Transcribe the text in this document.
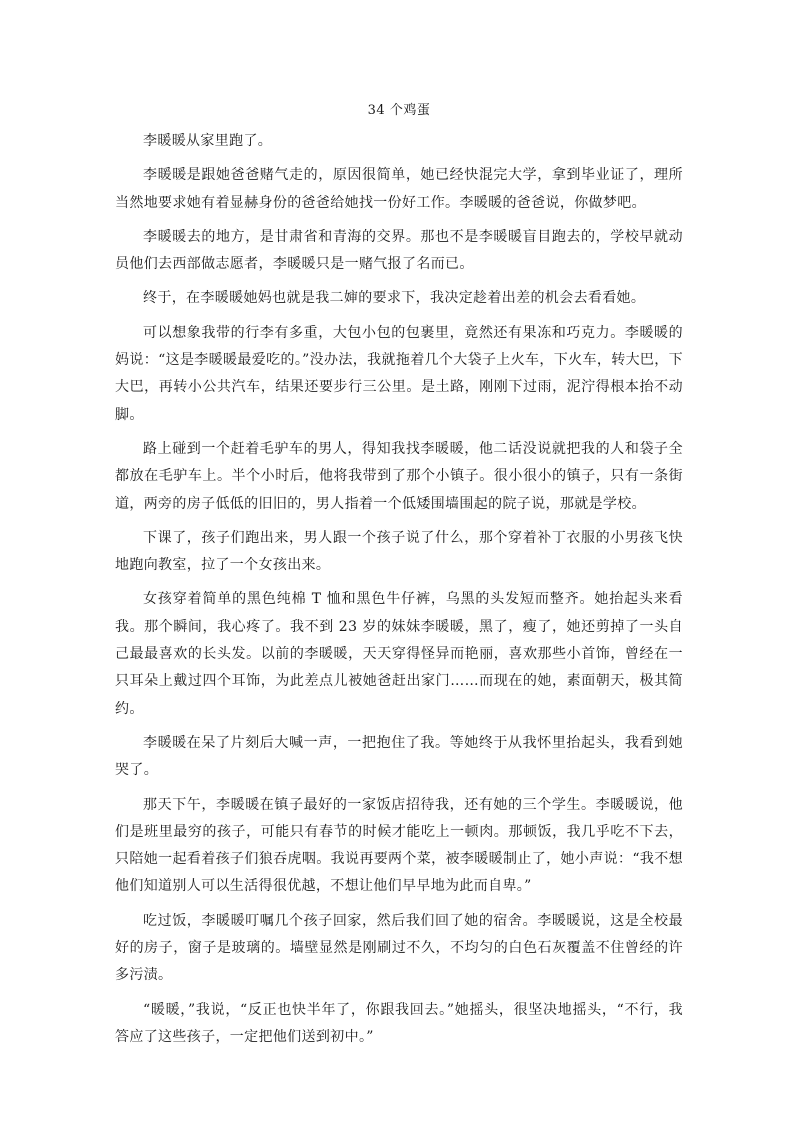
34 个鸡蛋

李暖暖从家里跑了。

李暖暖是跟她爸爸赌气走的，原因很简单，她已经快混完大学，拿到毕业证了，理所当然地要求她有着显赫身份的爸爸给她找一份好工作。李暖暖的爸爸说，你做梦吧。

李暖暖去的地方，是甘肃省和青海的交界。那也不是李暖暖盲目跑去的，学校早就动员他们去西部做志愿者，李暖暖只是一赌气报了名而已。

终于，在李暖暖她妈也就是我二婶的要求下，我决定趁着出差的机会去看看她。

可以想象我带的行李有多重，大包小包的包裹里，竟然还有果冻和巧克力。李暖暖的妈说：“这是李暖暖最爱吃的。”没办法，我就拖着几个大袋子上火车，下火车，转大巴，下大巴，再转小公共汽车，结果还要步行三公里。是土路，刚刚下过雨，泥泞得根本抬不动脚。

路上碰到一个赶着毛驴车的男人，得知我找李暖暖，他二话没说就把我的人和袋子全都放在毛驴车上。半个小时后，他将我带到了那个小镇子。很小很小的镇子，只有一条街道，两旁的房子低低的旧旧的，男人指着一个低矮围墙围起的院子说，那就是学校。

下课了，孩子们跑出来，男人跟一个孩子说了什么，那个穿着补丁衣服的小男孩飞快地跑向教室，拉了一个女孩出来。

女孩穿着简单的黑色纯棉 T 恤和黑色牛仔裤，乌黑的头发短而整齐。她抬起头来看我。那个瞬间，我心疼了。我不到 23 岁的妹妹李暖暖，黑了，瘦了，她还剪掉了一头自己最最喜欢的长头发。以前的李暖暖，天天穿得怪异而艳丽，喜欢那些小首饰，曾经在一只耳朵上戴过四个耳饰，为此差点儿被她爸赶出家门……而现在的她，素面朝天，极其简约。

李暖暖在呆了片刻后大喊一声，一把抱住了我。等她终于从我怀里抬起头，我看到她哭了。

那天下午，李暖暖在镇子最好的一家饭店招待我，还有她的三个学生。李暖暖说，他们是班里最穷的孩子，可能只有春节的时候才能吃上一顿肉。那顿饭，我几乎吃不下去，只陪她一起看着孩子们狼吞虎咽。我说再要两个菜，被李暖暖制止了，她小声说：“我不想他们知道别人可以生活得很优越，不想让他们早早地为此而自卑。”

吃过饭，李暖暖叮嘱几个孩子回家，然后我们回了她的宿舍。李暖暖说，这是全校最好的房子，窗子是玻璃的。墙壁显然是刚刷过不久，不均匀的白色石灰覆盖不住曾经的许多污渍。

“暖暖，”我说，“反正也快半年了，你跟我回去。”她摇头，很坚决地摇头，“不行，我答应了这些孩子，一定把他们送到初中。”
